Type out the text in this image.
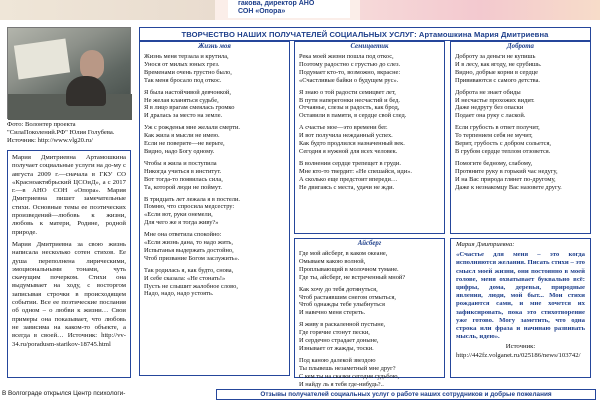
гакова, директор АНО
СОН «Опора»
ТВОРЧЕСТВО НАШИХ ПОЛУЧАТЕЛЕЙ СОЦИАЛЬНЫХ УСЛУГ: Артамошкина Мария Дмитриевна
Фото: Волонтер проекта
"СилаПоколений.РФ" Юлия Голубева.
Источник: http://www.vlg20.ru/

Мария Дмитриевна Артамошкина получает социальные услуги на до-му с августа 2009 г.—сначала в ГКУ СО «Красноактябрьский ЦСОиД», а с 2017 г.—в АНО СОН «Опора». Мария Дмитриевна пишет замечательные стихи. Основные темы ее поэтических произведений—любовь к жизни, любовь к матери, Родине, родной природе.

Мария Дмитриевна за свою жизнь написала несколько сотен стихов. Ее душа переполнена лирическими, эмоциональными тонами, чуть скачущим почерком. Стихи она выдумывает на ходу, с восторгом записывая строчки в происходящем событии. Все ее поэтические послания об одном – о любви к жизни… Свои примеры она показывает, что любовь не зависима на каком-то объекте, а всегда в своей… Источник: http://vv-34.ru/poradusm-starikov-18745.html

Жизнь моя

Жизнь меня терзала и крутила,
Унося от милых юных грез.
Временами очень грустно было,
Так меня бросало под откос.

Я была настойчивой девчонкой,
Не желая кланяться судьбе,
Я в лицо врагам смеялась громко
И дралась за место на земле.

Уж с рожденья мне желали смерти.
Как жила я мысли не имею.
Если не поверите—не верьте,
Видно, надо Богу одному.

Чтобы я жила и поступила
Никогда учиться в институт.
Вот тогда-то появилась сила,
Та, которой люди не поймут.

В тридцать лет лежала я в постели.
Помню, что спросила медсестру:
«Если вот, руки онемели,
Для чего же я тогда живу?»

Мне она ответила спокойно:
«Если жизнь дана, то надо жить,
Испытанья выдержать достойно,
Чтоб призвание Богом заслужить».

Так родилась я, как будто, снова,
И себе сказала: «Не стонать!»
Пусть не слышит жалобное слово,
Надо, надо, надо устоять.

Семицветик

Река моей жизни пошла под откос,
Поэтому радостно с грустью до слез.
Подумает кто-то, возможно, вкрасне:
«Счастливые байки о будущем рус».

Я знаю о той радости семицвет лет,
В пути наперегонки несчастий и бед.
Отчаянье, слезы и радость, как брод,
Оставили в памяти, в сердце свой след.

А счастье мое—это времени бег.
И вот получила нежданный успех.
Как будто продлился назначенный век.
Сегодня я нужной для всех человек.

В волнении сердце трепещет в груди.
Мне кто-то твердит: «Не спешайся, иди».
А сколько еще предстоит впереди…
Не двигаясь с места, удачи не жди.

Айсберг

Где мой айсберг, в каком океане,
Омываем какою волной,
Проплывающий в молочном тумане.
Где ты, айсберг, не встреченный мной?

Как хочу до тебя дотянуться,
Чтоб растаявшим снегом отмыться,
Чтоб однажды тебе улыбнуться
И навечно меня стереть.

Я живу в раскаленной пустыне,
Где горячие стонут пески,
И сердечно страдает доныне,
Изнывает от жажды, тоски.

Под каною далекой звездою
Ты плывешь незаметный мне друг?
С кем ты на сказки сегодня судьбою,
И найду ль я тебя где-нибудь?..

Доброта

Доброту за деньги не купишь
И в лесу, как ягоду, не срубишь.
Видно, добрые корни в сердце
Прививаются с самого детства.

Доброта не знает обиды
И несчастье прохожих видит.
Даже недругу без опаски
Подает она руку с лаской.

Если грубость в ответ получит,
То терпением себя не мучит,
Верит, грубость с добром сольется,
В грубом сердце теплом отзовется.

Помогите бедному, слабому,
Протяните руку в горький час недугу,
И на Вас природа глянет по-другому,
Даже к незнакомцу Вас назовете другу.

Мария Дмитриевна:
«Счастье для меня – это когда исполняются желания. Писать стихи – это смысл моей жизни, они постоянно в моей голове, меня охватывает буквально всё: цифры, дома, деревья, природные явления, люди, мой быт... Мои стихи рождаются сами, и мне хочется их зафиксировать, пока это стихотворение уже готово. Могу заметить, что одна строка или фраза и начинаю развивать мысль, идею».
Источник:
http://442fz.volganet.ru/025186/news/103742/
В Волгограде открылся Центр психологи-	Отзывы получателей социальных услуг о работе наших сотрудников и добрые пожелания
